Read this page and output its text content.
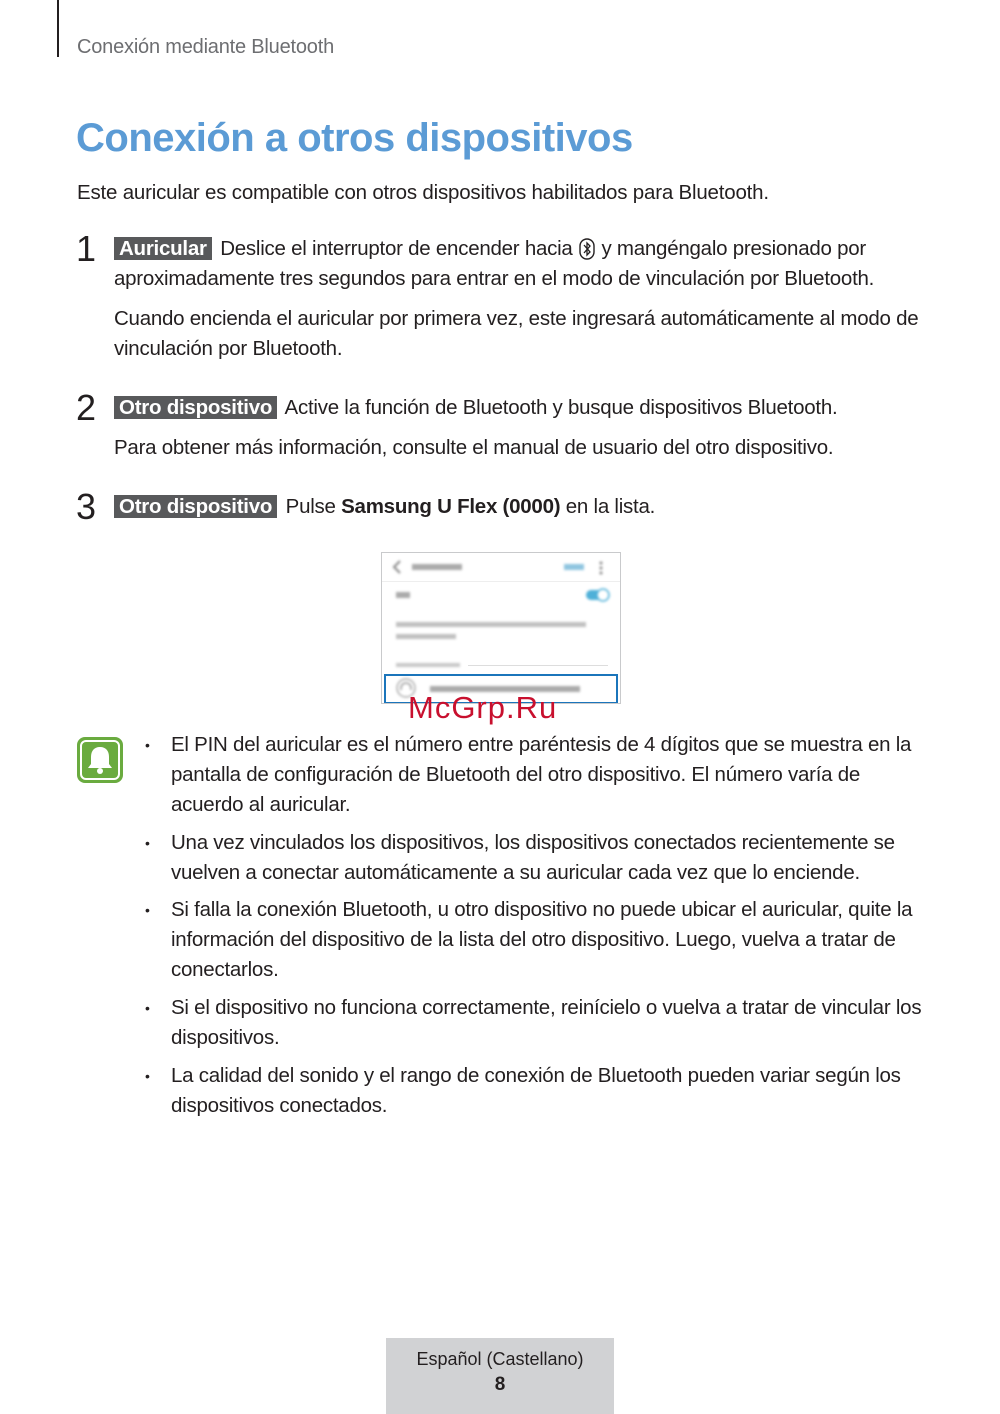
Conexión mediante Bluetooth
Conexión a otros dispositivos
Este auricular es compatible con otros dispositivos habilitados para Bluetooth.
1 Auricular Deslice el interruptor de encender hacia y mangéngalo presionado por aproximadamente tres segundos para entrar en el modo de vinculación por Bluetooth.
Cuando encienda el auricular por primera vez, este ingresará automáticamente al modo de vinculación por Bluetooth.
2 Otro dispositivo Active la función de Bluetooth y busque dispositivos Bluetooth.
Para obtener más información, consulte el manual de usuario del otro dispositivo.
3 Otro dispositivo Pulse Samsung U Flex (0000) en la lista.
McGrp.Ru
• El PIN del auricular es el número entre paréntesis de 4 dígitos que se muestra en la pantalla de configuración de Bluetooth del otro dispositivo. El número varía de acuerdo al auricular.
• Una vez vinculados los dispositivos, los dispositivos conectados recientemente se vuelven a conectar automáticamente a su auricular cada vez que lo enciende.
• Si falla la conexión Bluetooth, u otro dispositivo no puede ubicar el auricular, quite la información del dispositivo de la lista del otro dispositivo. Luego, vuelva a tratar de conectarlos.
• Si el dispositivo no funciona correctamente, reinícielo o vuelva a tratar de vincular los dispositivos.
• La calidad del sonido y el rango de conexión de Bluetooth pueden variar según los dispositivos conectados.
Español (Castellano)
8
